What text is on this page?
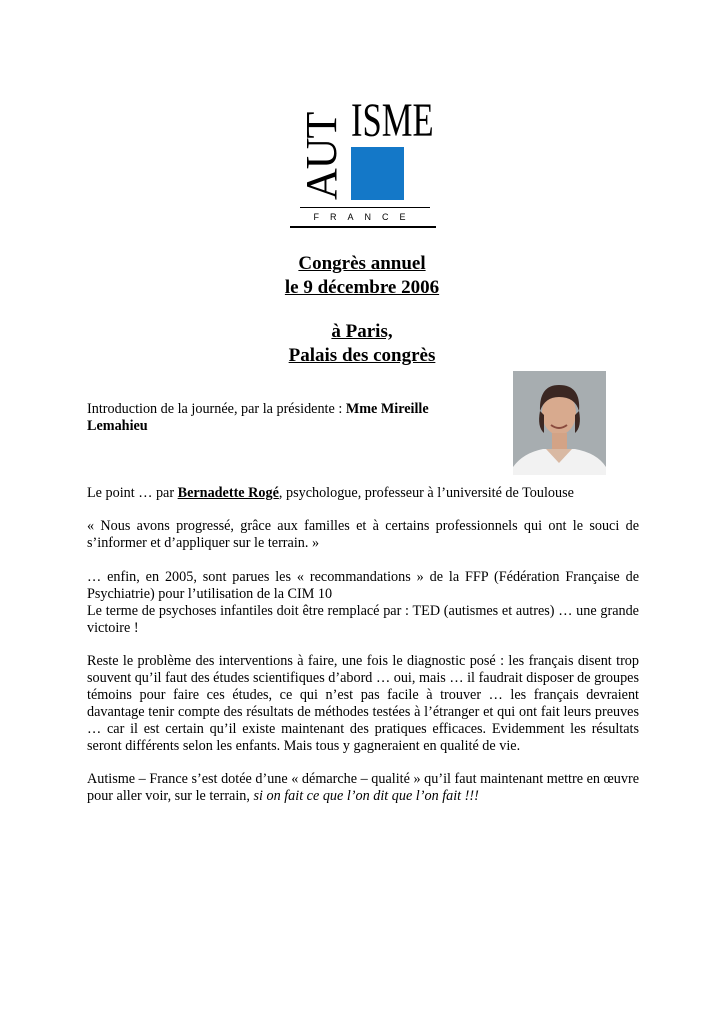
AUT ISME
FRANCE
Congrès annuel
le 9 décembre 2006
à Paris,
Palais des congrès
Introduction de la journée, par la présidente : Mme Mireille
Lemahieu
Le point … par Bernadette Rogé, psychologue, professeur à l’université de Toulouse
« Nous avons progressé, grâce aux familles et à certains professionnels qui ont le souci de s’informer et d’appliquer sur le terrain. »
… enfin, en 2005, sont parues les « recommandations » de la FFP (Fédération Française de Psychiatrie) pour l’utilisation de la CIM 10
Le terme de psychoses infantiles doit être remplacé par : TED (autismes et autres) … une grande victoire !
Reste le problème des interventions à faire, une fois le diagnostic posé : les français disent trop souvent qu’il faut des études scientifiques d’abord … oui, mais … il faudrait disposer de groupes témoins pour faire ces études, ce qui n’est pas facile à trouver … les français devraient davantage tenir compte des résultats de méthodes testées à l’étranger et qui ont fait leurs preuves … car il est certain qu’il existe maintenant des pratiques efficaces. Evidemment les résultats seront différents selon les enfants. Mais tous y gagneraient en qualité de vie.
Autisme – France s’est dotée d’une « démarche – qualité » qu’il faut maintenant mettre en œuvre pour aller voir, sur le terrain, si on fait ce que l’on dit que l’on fait !!!
